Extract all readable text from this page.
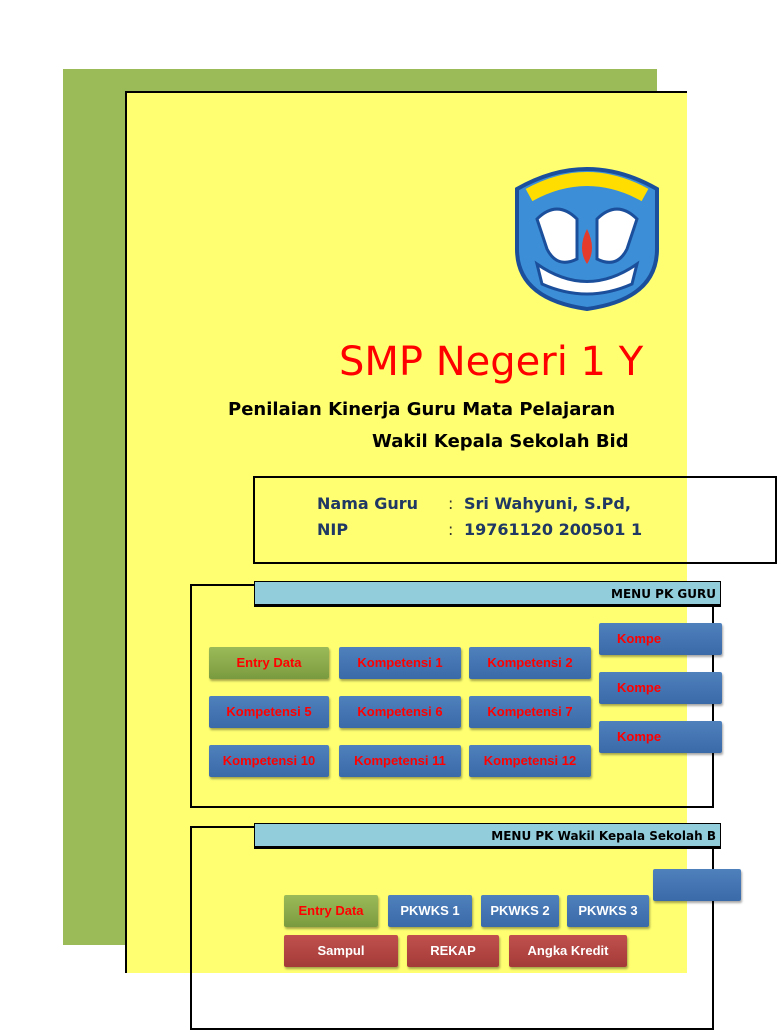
SMP Negeri 1 Y
Penilaian Kinerja Guru Mata Pelajaran
Wakil Kepala Sekolah Bid
Nama Guru : Sri Wahyuni, S.Pd,
NIP	: 19761120 200501 1
Entry Data	Kompetensi 1	Kompetensi 2
Kompetensi 5	Kompetensi 6	Kompetensi 7
Kompetensi 10	Kompetensi 11	Kompetensi 12
Entry Data	PKWKS 1	PKWKS 2	PKWKS 3
Sampul	REKAP	Angka Kredit
MENU PK GURU
Kompe
Kompe
Kompe
MENU PK Wakil Kepala Sekolah B
